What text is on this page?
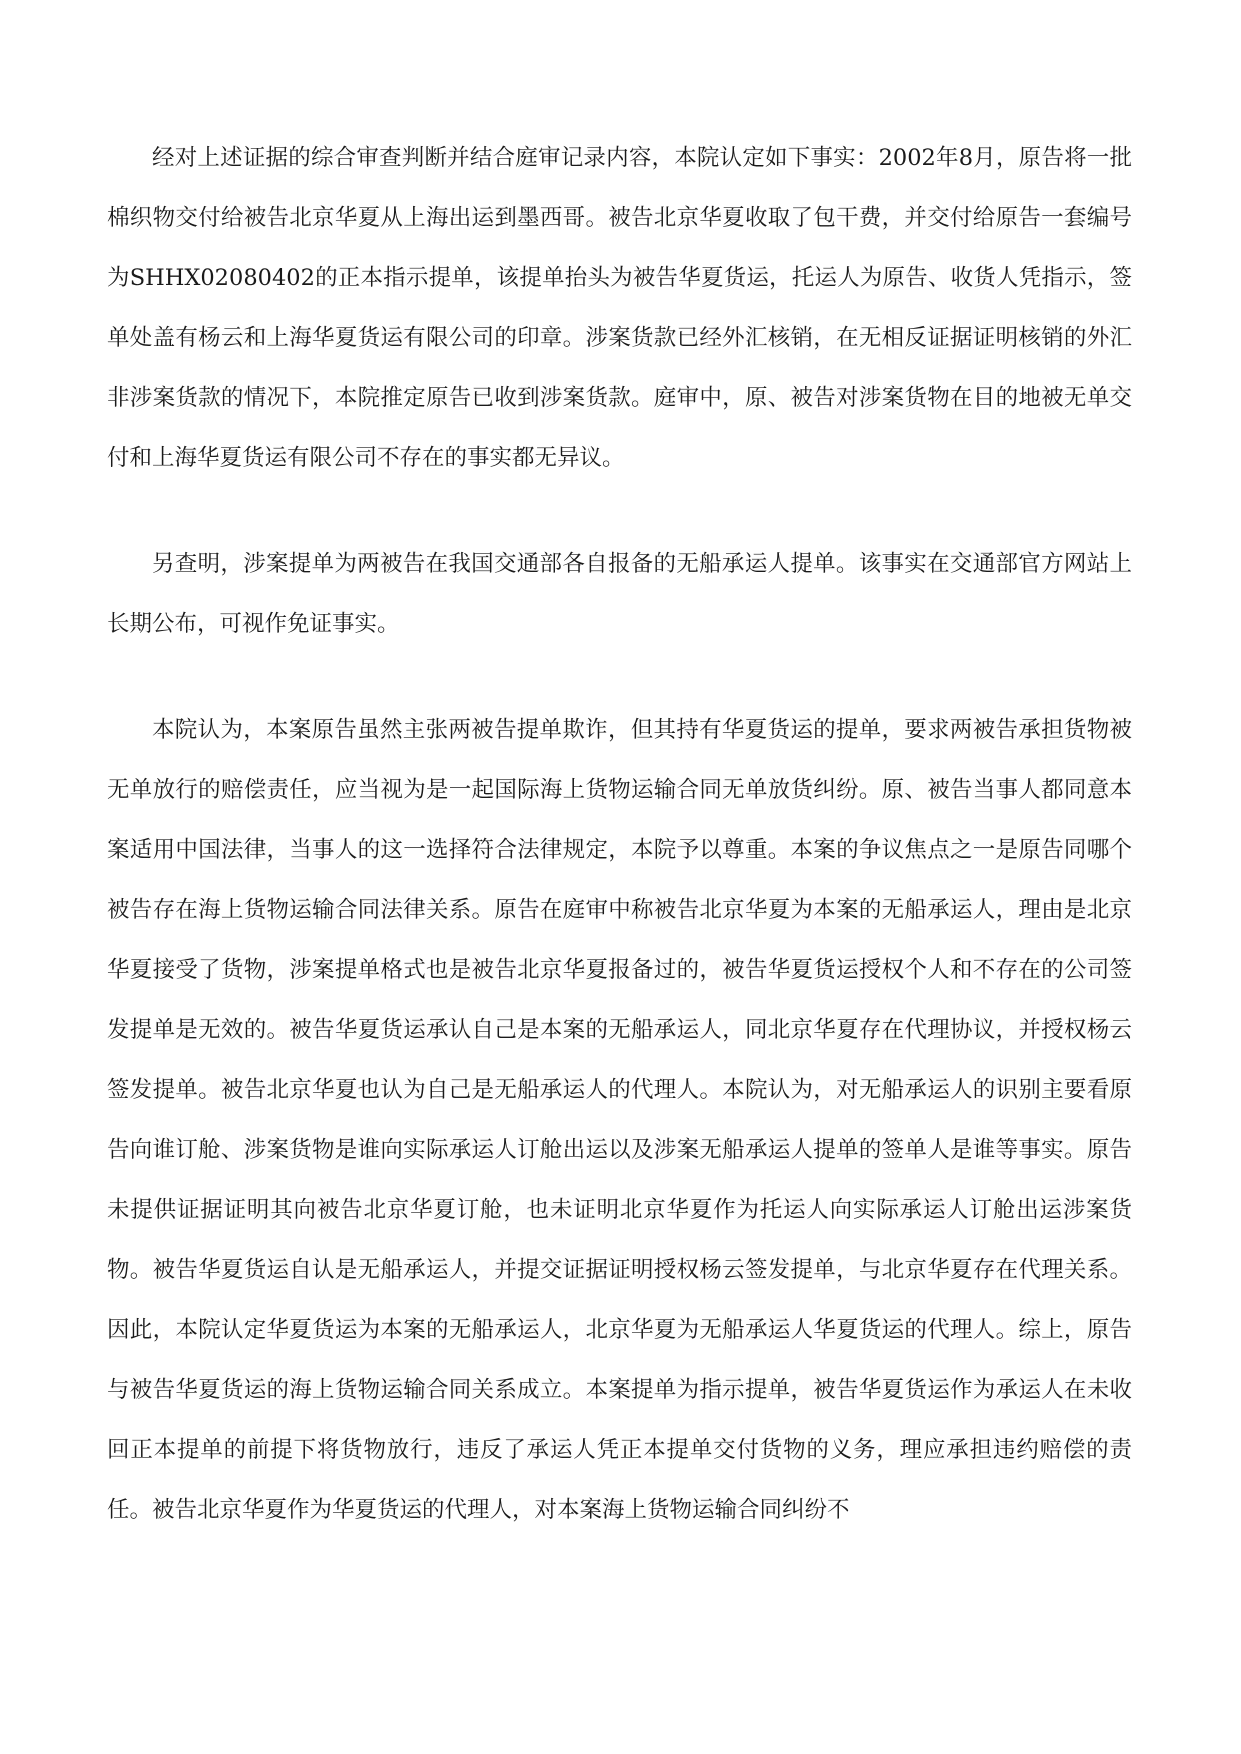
经对上述证据的综合审查判断并结合庭审记录内容，本院认定如下事实：2002年8月，原告将一批棉织物交付给被告北京华夏从上海出运到墨西哥。被告北京华夏收取了包干费，并交付给原告一套编号为SHHX02080402的正本指示提单，该提单抬头为被告华夏货运，托运人为原告、收货人凭指示，签单处盖有杨云和上海华夏货运有限公司的印章。涉案货款已经外汇核销，在无相反证据证明核销的外汇非涉案货款的情况下，本院推定原告已收到涉案货款。庭审中，原、被告对涉案货物在目的地被无单交付和上海华夏货运有限公司不存在的事实都无异议。

另查明，涉案提单为两被告在我国交通部各自报备的无船承运人提单。该事实在交通部官方网站上长期公布，可视作免证事实。

本院认为，本案原告虽然主张两被告提单欺诈，但其持有华夏货运的提单，要求两被告承担货物被无单放行的赔偿责任，应当视为是一起国际海上货物运输合同无单放货纠纷。原、被告当事人都同意本案适用中国法律，当事人的这一选择符合法律规定，本院予以尊重。本案的争议焦点之一是原告同哪个被告存在海上货物运输合同法律关系。原告在庭审中称被告北京华夏为本案的无船承运人，理由是北京华夏接受了货物，涉案提单格式也是被告北京华夏报备过的，被告华夏货运授权个人和不存在的公司签发提单是无效的。被告华夏货运承认自己是本案的无船承运人，同北京华夏存在代理协议，并授权杨云签发提单。被告北京华夏也认为自己是无船承运人的代理人。本院认为，对无船承运人的识别主要看原告向谁订舱、涉案货物是谁向实际承运人订舱出运以及涉案无船承运人提单的签单人是谁等事实。原告未提供证据证明其向被告北京华夏订舱，也未证明北京华夏作为托运人向实际承运人订舱出运涉案货物。被告华夏货运自认是无船承运人，并提交证据证明授权杨云签发提单，与北京华夏存在代理关系。因此，本院认定华夏货运为本案的无船承运人，北京华夏为无船承运人华夏货运的代理人。综上，原告与被告华夏货运的海上货物运输合同关系成立。本案提单为指示提单，被告华夏货运作为承运人在未收回正本提单的前提下将货物放行，违反了承运人凭正本提单交付货物的义务，理应承担违约赔偿的责任。被告北京华夏作为华夏货运的代理人，对本案海上货物运输合同纠纷不
